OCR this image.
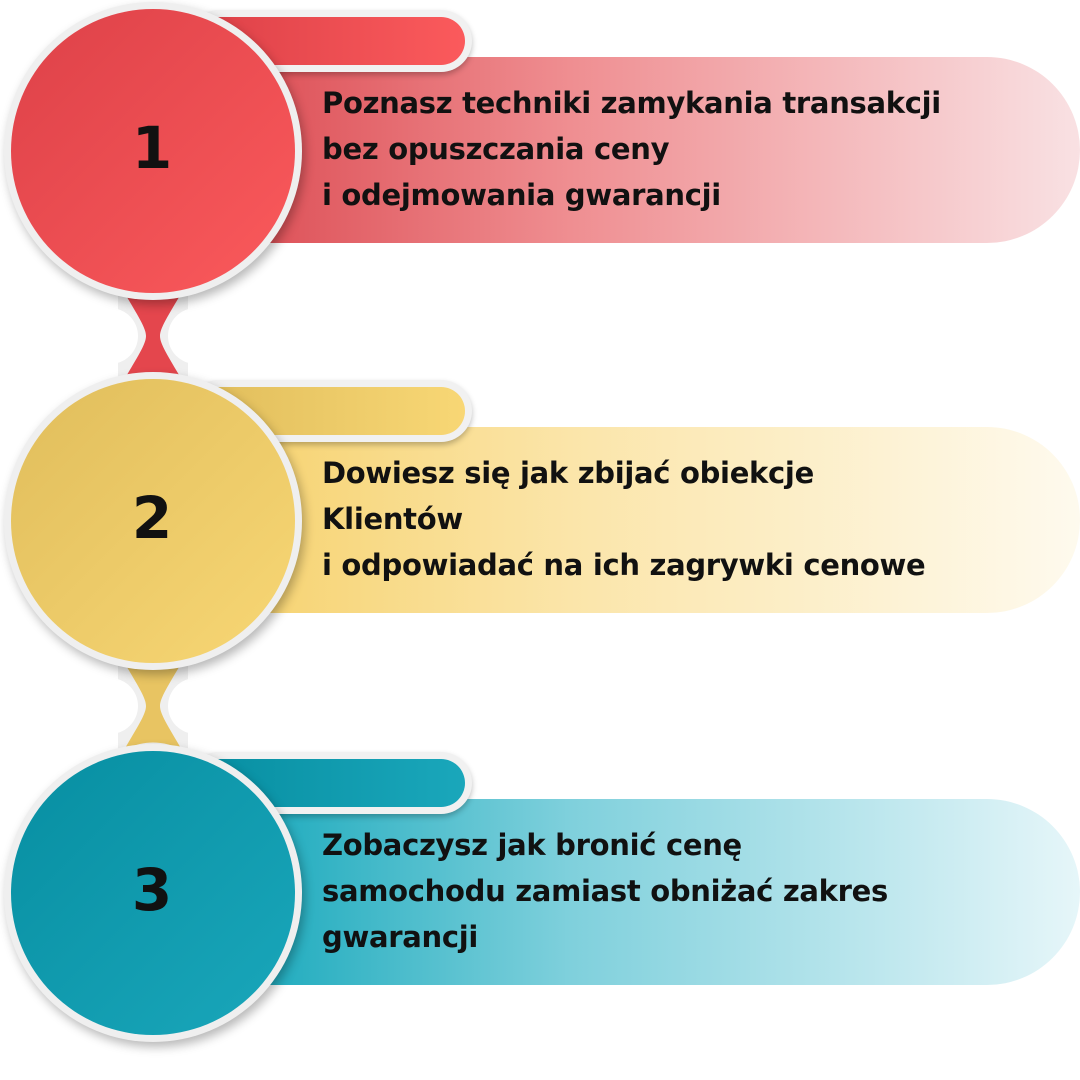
1
Poznasz techniki zamykania transakcji
bez opuszczania ceny
i odejmowania gwarancji
2
Dowiesz się jak zbijać obiekcje
Klientów
i odpowiadać na ich zagrywki cenowe
3
Zobaczysz jak bronić cenę
samochodu zamiast obniżać zakres
gwarancji
